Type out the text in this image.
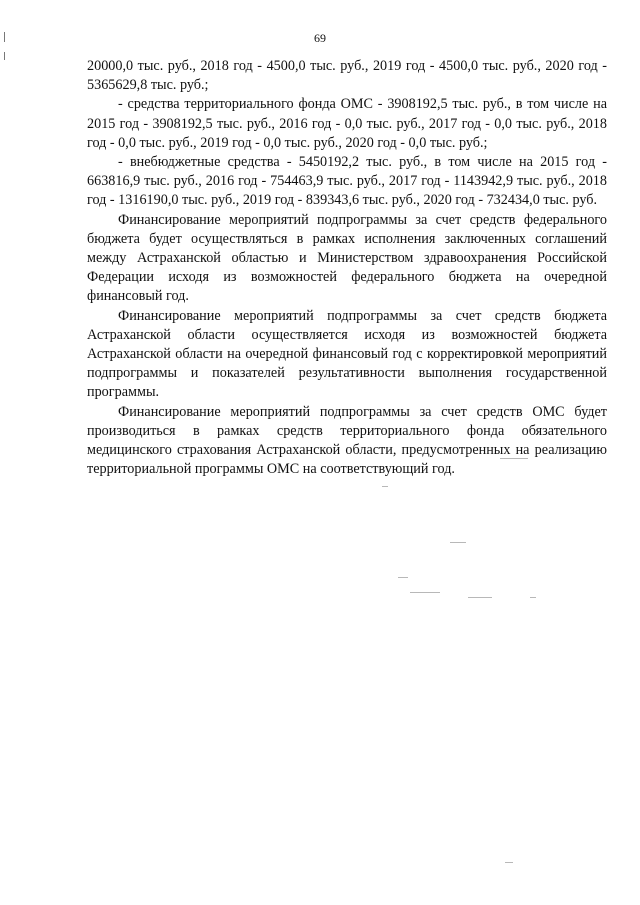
69

20000,0 тыс. руб., 2018 год - 4500,0 тыс. руб., 2019 год - 4500,0 тыс. руб., 2020 год - 5365629,8 тыс. руб.;

- средства территориального фонда ОМС - 3908192,5 тыс. руб., в том числе на 2015 год - 3908192,5 тыс. руб., 2016 год - 0,0 тыс. руб., 2017 год - 0,0 тыс. руб., 2018 год - 0,0 тыс. руб., 2019 год - 0,0 тыс. руб., 2020 год - 0,0 тыс. руб.;

- внебюджетные средства - 5450192,2 тыс. руб., в том числе на 2015 год - 663816,9 тыс. руб., 2016 год - 754463,9 тыс. руб., 2017 год - 1143942,9 тыс. руб., 2018 год - 1316190,0 тыс. руб., 2019 год - 839343,6 тыс. руб., 2020 год - 732434,0 тыс. руб.

Финансирование мероприятий подпрограммы за счет средств федерального бюджета будет осуществляться в рамках исполнения заключенных соглашений между Астраханской областью и Министерством здравоохранения Российской Федерации исходя из возможностей федерального бюджета на очередной финансовый год.

Финансирование мероприятий подпрограммы за счет средств бюджета Астраханской области осуществляется исходя из возможностей бюджета Астраханской области на очередной финансовый год с корректировкой мероприятий подпрограммы и показателей результативности выполнения государственной программы.

Финансирование мероприятий подпрограммы за счет средств ОМС будет производиться в рамках средств территориального фонда обязательного медицинского страхования Астраханской области, предусмотренных на реализацию территориальной программы ОМС на соответствующий год.
